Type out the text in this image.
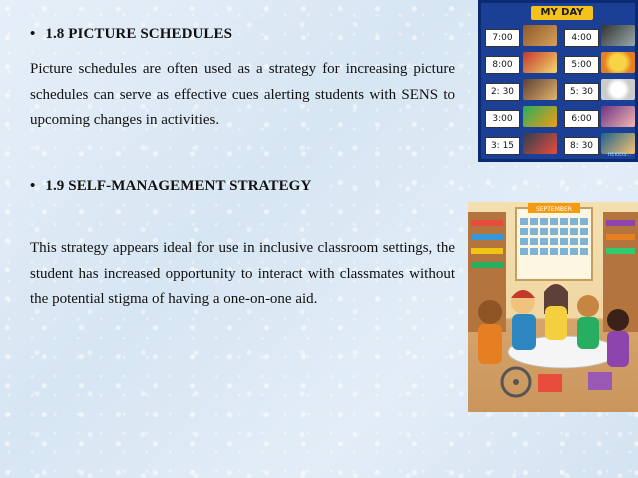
• 1.8 PICTURE SCHEDULES
Picture schedules are often used as a strategy for increasing picture schedules can serve as effective cues alerting students with SENS to upcoming changes in activities.
• 1.9 SELF-MANAGEMENT STRATEGY
This strategy appears ideal for use in inclusive classroom settings, the student has increased opportunity to interact with classmates without the potential stigma of having a one-on-one aid.
MY DAY
7:00
8:00
2: 30
3:00
3: 15
4:00
5:00
5: 30
6:00
8: 30
HEKIDS...
SEPTEMBER
